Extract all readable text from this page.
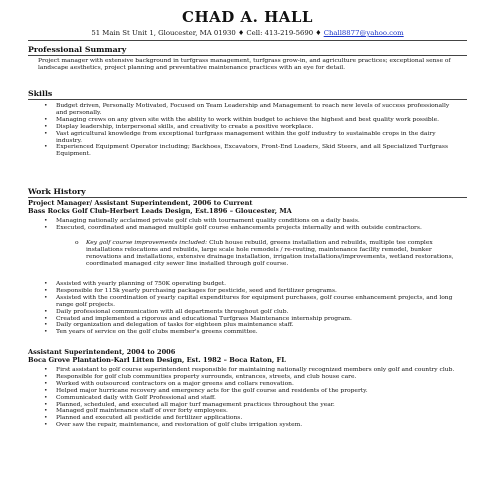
CHAD A. HALL
51 Main St Unit 1, Gloucester, MA 01930 ♦ Cell: 413-219-5690 ♦ Chall8877@yahoo.com
Professional Summary
Project manager with extensive background in turfgrass management, turfgrass grow-in, and agriculture practices; exceptional sense of landscape aesthetics, project planning and preventative maintenance practices with an eye for detail.
Skills
• Budget driven, Personally Motivated, Focused on Team Leadership and Management to reach new levels of success professionally and personally.
• Managing crews on any given site with the ability to work within budget to achieve the highest and best quality work possible.
• Display leadership, interpersonal skills, and creativity to create a positive workplace.
• Vast agricultural knowledge from exceptional turfgrass management within the golf industry to sustainable crops in the dairy industry.
• Experienced Equipment Operator including; Backhoes, Excavators, Front-End Loaders, Skid Steers, and all Specialized Turfgrass Equipment.
Work History
Project Manager/ Assistant Superintendent, 2006 to Current
Bass Rocks Golf Club-Herbert Leads Design, Est.1896 – Gloucester, MA
• Managing nationally acclaimed private golf club with tournament quality conditions on a daily basis.
• Executed, coordinated and managed multiple golf course enhancements projects internally and with outside contractors.
o Key golf course improvements included: Club house rebuild, greens installation and rebuilds, multiple tee complex installations relocations and rebuilds, large scale hole remodels / re-routing, maintenance facility remodel, bunker renovations and installations, extensive drainage installation, irrigation installations/improvements, wetland restorations, coordinated managed city sewer line installed through golf course.
• Assisted with yearly planning of 750K operating budget.
• Responsible for 115k yearly purchasing packages for pesticide, seed and fertilizer programs.
• Assisted with the coordination of yearly capital expenditures for equipment purchases, golf course enhancement projects, and long range golf projects.
• Daily professional communication with all departments throughout golf club.
• Created and implemented a rigorous and educational Turfgrass Maintenance internship program.
• Daily organization and delegation of tasks for eighteen plus maintenance staff.
• Ten years of service on the golf clubs member's greens committee.
Assistant Superintendent, 2004 to 2006
Boca Grove Plantation-Karl Litten Design, Est. 1982 – Boca Raton, FL
• First assistant to golf course superintendent responsible for maintaining nationally recognized members only golf and country club.
• Responsible for golf club communities property surrounds, entrances, streets, and club house care.
• Worked with outsourced contractors on a major greens and collars renovation.
• Helped major hurricane recovery and emergency acts for the golf course and residents of the property.
• Communicated daily with Golf Professional and staff.
• Planned, scheduled, and executed all major turf management practices throughout the year.
• Managed golf maintenance staff of over forty employees.
• Planned and executed all pesticide and fertilizer applications.
• Over saw the repair, maintenance, and restoration of golf clubs irrigation system.
